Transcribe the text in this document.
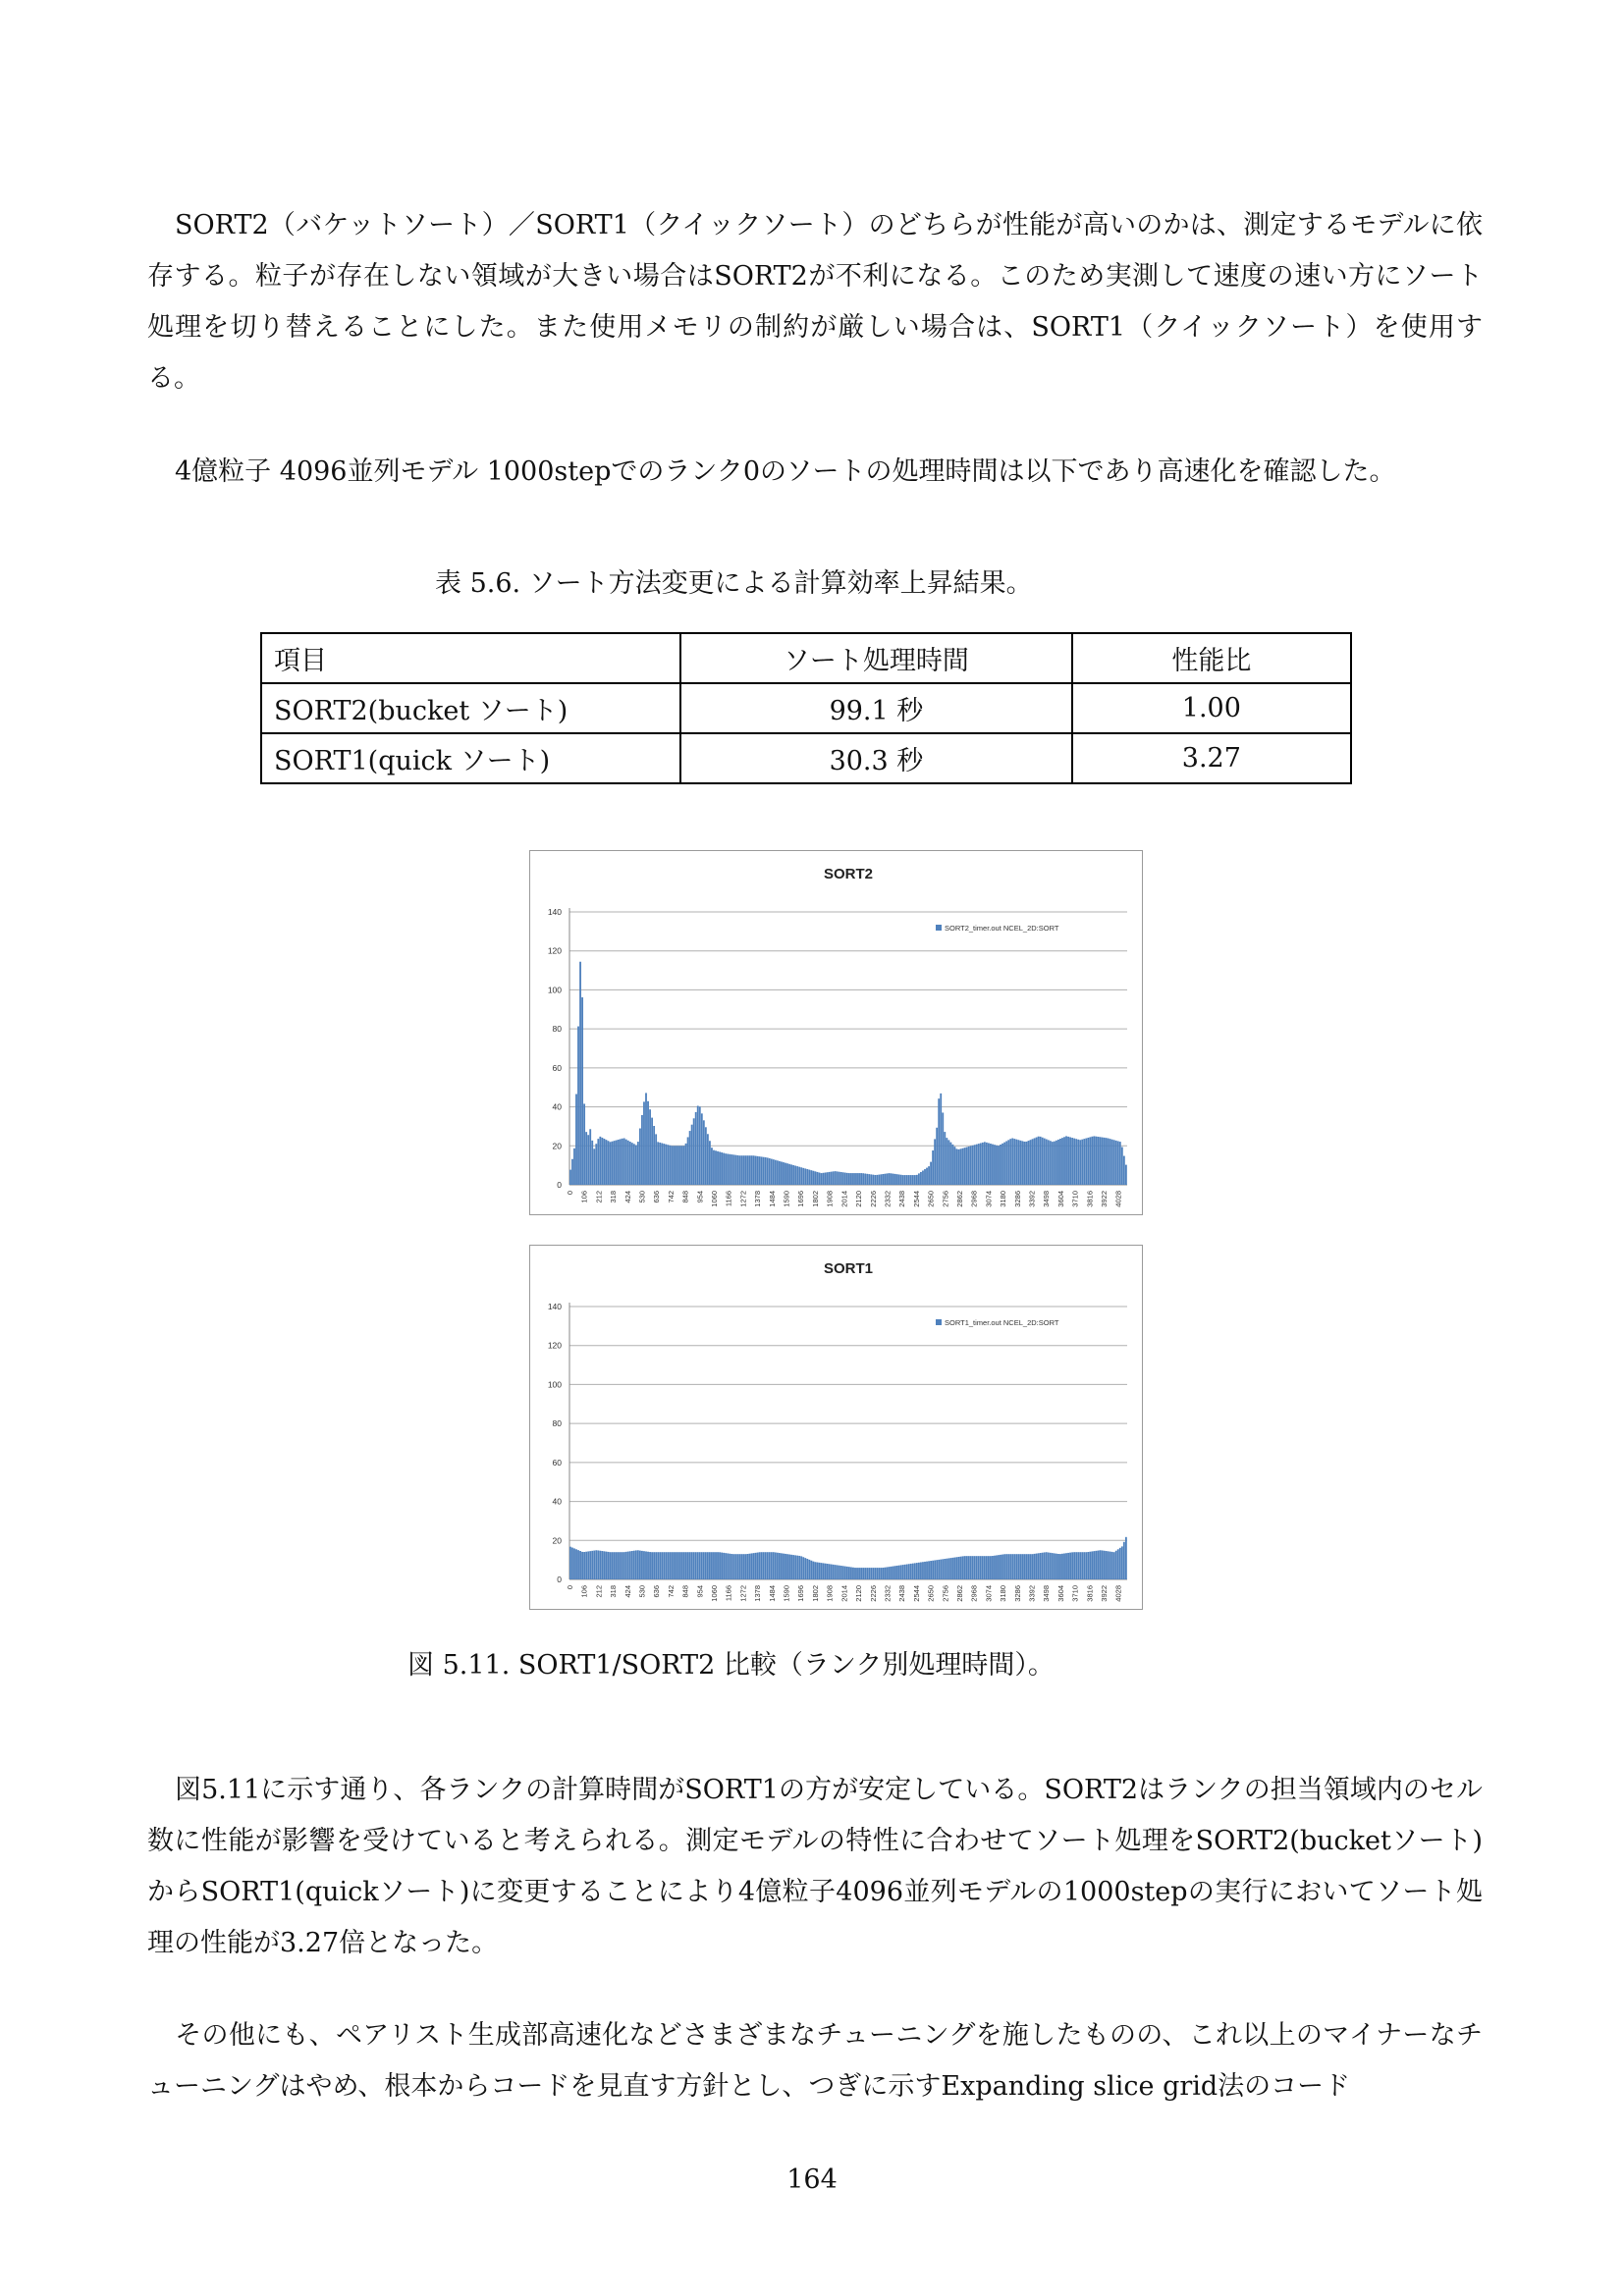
SORT2（バケットソート）／SORT1（クイックソート）のどちらが性能が高いのかは、測定するモデルに依存する。粒子が存在しない領域が大きい場合はSORT2が不利になる。このため実測して速度の速い方にソート処理を切り替えることにした。また使用メモリの制約が厳しい場合は、SORT1（クイックソート）を使用する。
4億粒子 4096並列モデル 1000stepでのランク0のソートの処理時間は以下であり高速化を確認した。
表 5.6. ソート方法変更による計算効率上昇結果。
項目	ソート処理時間	性能比
SORT2(bucket ソート)	99.1 秒	1.00
SORT1(quick ソート)	30.3 秒	3.27
SORT2
0
20
40
60
80
100
120
140
0 106 212 318 424 530 636 742 848 954 1060 1166 1272 1378 1484 1590 1696 1802 1908 2014 2120 2226 2332 2438 2544 2650 2756 2862 2968 3074 3180 3286 3392 3498 3604 3710 3816 3922 4028
SORT2_timer.out NCEL_2D:SORT
SORT1
0
20
40
60
80
100
120
140
0 106 212 318 424 530 636 742 848 954 1060 1166 1272 1378 1484 1590 1696 1802 1908 2014 2120 2226 2332 2438 2544 2650 2756 2862 2968 3074 3180 3286 3392 3498 3604 3710 3816 3922 4028
SORT1_timer.out NCEL_2D:SORT
図 5.11. SORT1/SORT2 比較（ランク別処理時間）。
図5.11に示す通り、各ランクの計算時間がSORT1の方が安定している。SORT2はランクの担当領域内のセル数に性能が影響を受けていると考えられる。測定モデルの特性に合わせてソート処理をSORT2(bucketソート)からSORT1(quickソート)に変更することにより4億粒子4096並列モデルの1000stepの実行においてソート処理の性能が3.27倍となった。
その他にも、ペアリスト生成部高速化などさまざまなチューニングを施したものの、これ以上のマイナーなチューニングはやめ、根本からコードを見直す方針とし、つぎに示すExpanding slice grid法のコード
164
